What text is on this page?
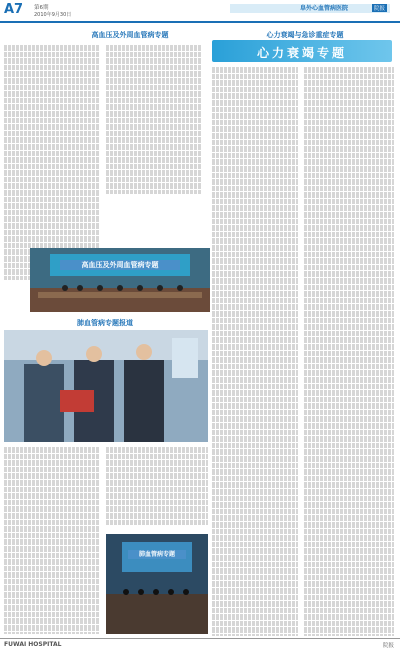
A7 第6期
2010年9月30日
阜外心血管病医院	院报
高血压及外周血管病专题	心力衰竭与急诊重症专题
心力衰竭专题
高血压及外周血管病专题
肺血管病专题报道
肺血管病专题
FUWAI HOSPITAL	院报
